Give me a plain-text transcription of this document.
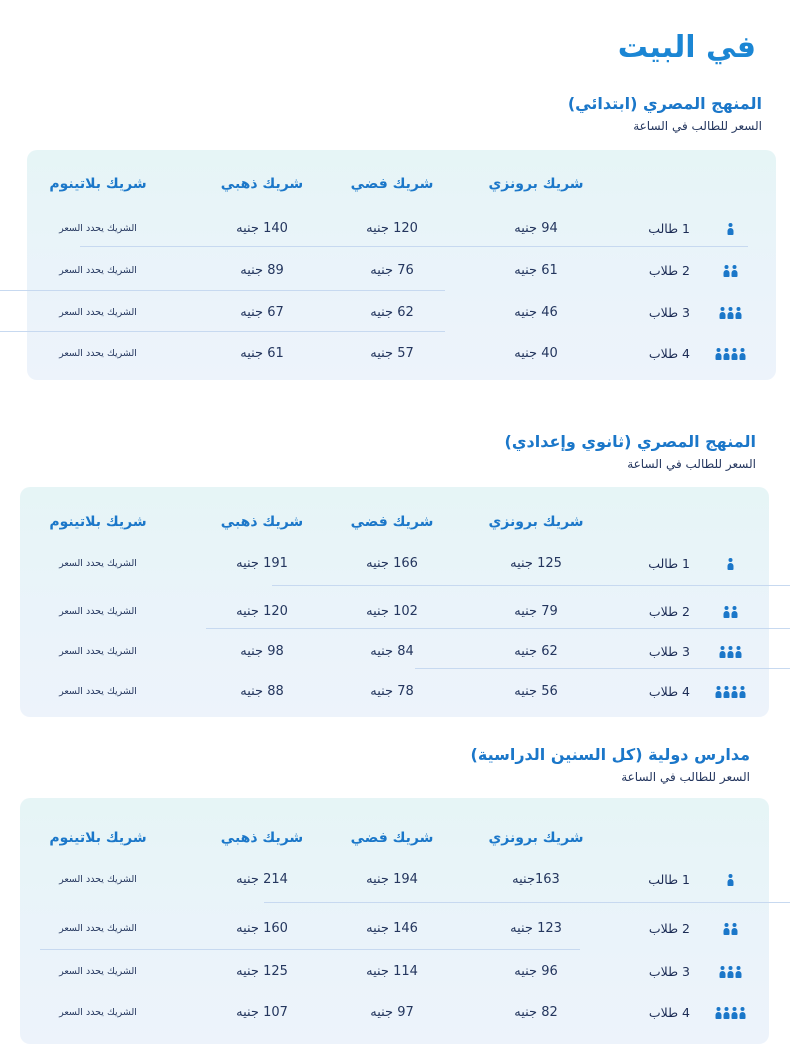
في البيت
المنهج المصري (ابتدائي)
السعر للطالب في الساعة
شريك برونزي
شريك فضي
شريك ذهبي
شريك بلاتينوم
1 طالب
94 جنيه
120 جنيه
140 جنيه
الشريك يحدد السعر
2 طلاب
61 جنيه
76 جنيه
89 جنيه
الشريك يحدد السعر
3 طلاب
46 جنيه
62 جنيه
67 جنيه
الشريك يحدد السعر
4 طلاب
40 جنيه
57 جنيه
61 جنيه
الشريك يحدد السعر
المنهج المصري (ثانوي وإعدادي)
السعر للطالب في الساعة
شريك برونزي
شريك فضي
شريك ذهبي
شريك بلاتينوم
1 طالب
125 جنيه
166 جنيه
191 جنيه
الشريك يحدد السعر
2 طلاب
79 جنيه
102 جنيه
120 جنيه
الشريك يحدد السعر
3 طلاب
62 جنيه
84 جنيه
98 جنيه
الشريك يحدد السعر
4 طلاب
56 جنيه
78 جنيه
88 جنيه
الشريك يحدد السعر
مدارس دولية (كل السنين الدراسية)
السعر للطالب في الساعة
شريك برونزي
شريك فضي
شريك ذهبي
شريك بلاتينوم
1 طالب
163جنيه
194 جنيه
214 جنيه
الشريك يحدد السعر
2 طلاب
123 جنيه
146 جنيه
160 جنيه
الشريك يحدد السعر
3 طلاب
96 جنيه
114 جنيه
125 جنيه
الشريك يحدد السعر
4 طلاب
82 جنيه
97 جنيه
107 جنيه
الشريك يحدد السعر
